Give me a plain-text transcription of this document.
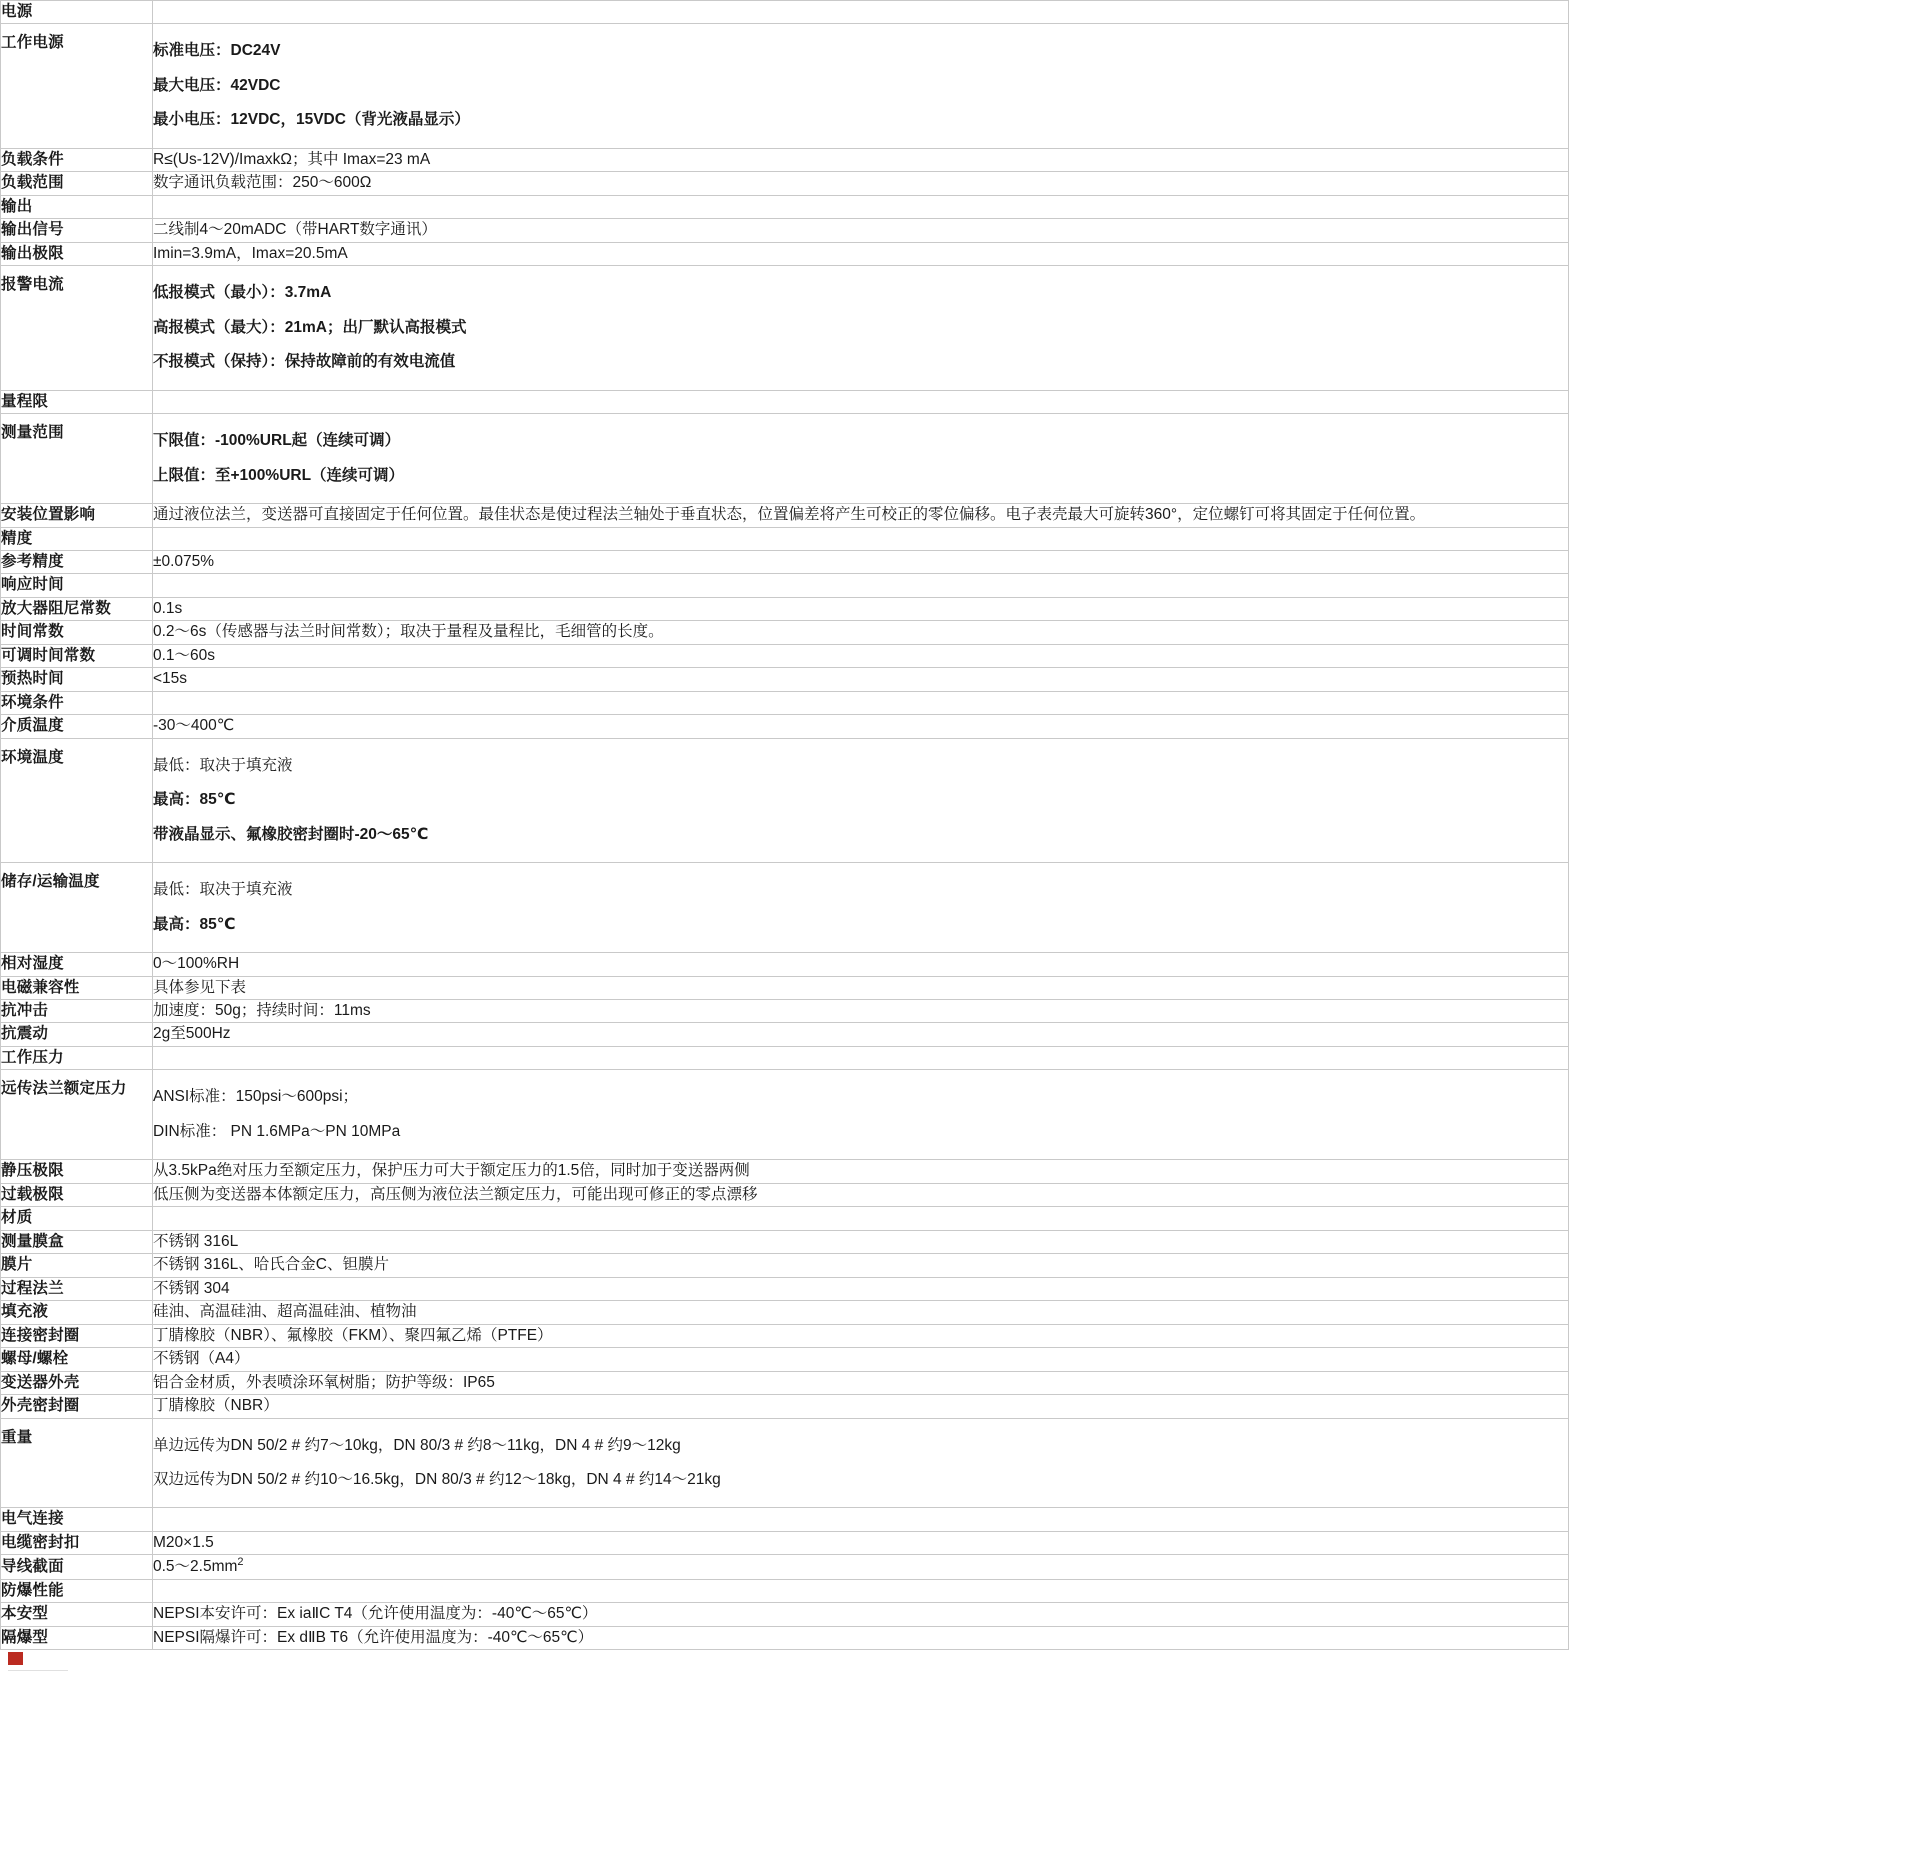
电源	
工作电源	标准电压：DC24V
最大电压：42VDC
最小电压：12VDC，15VDC（背光液晶显示）

负载条件	R≤(Us-12V)/ImaxkΩ；其中 Imax=23 mA
负载范围	数字通讯负载范围：250～600Ω
输出	
输出信号	二线制4～20mADC（带HART数字通讯）
输出极限	Imin=3.9mA，Imax=20.5mA
报警电流	低报模式（最小）：3.7mA
高报模式（最大）：21mA；出厂默认高报模式
不报模式（保持）：保持故障前的有效电流值

量程限	
测量范围	下限值：-100%URL起（连续可调）
上限值：至+100%URL（连续可调）

安装位置影响	通过液位法兰，变送器可直接固定于任何位置。最佳状态是使过程法兰轴处于垂直状态，位置偏差将产生可校正的零位偏移。电子表壳最大可旋转360°，定位螺钉可将其固定于任何位置。
精度	
参考精度	±0.075%
响应时间	
放大器阻尼常数	0.1s
时间常数	0.2～6s（传感器与法兰时间常数）；取决于量程及量程比，毛细管的长度。
可调时间常数	0.1～60s
预热时间	<15s
环境条件	
介质温度	-30～400℃
环境温度	最低：取决于填充液
最高：85℃
带液晶显示、氟橡胶密封圈时-20～65℃

储存/运输温度	最低：取决于填充液
最高：85℃

相对湿度	0～100%RH
电磁兼容性	具体参见下表
抗冲击	加速度：50g；持续时间：11ms
抗震动	2g至500Hz
工作压力	
远传法兰额定压力	ANSI标准：150psi～600psi；
DIN标准： PN 1.6MPa～PN 10MPa

静压极限	从3.5kPa绝对压力至额定压力，保护压力可大于额定压力的1.5倍，同时加于变送器两侧
过载极限	低压侧为变送器本体额定压力，高压侧为液位法兰额定压力，可能出现可修正的零点漂移
材质	
测量膜盒	不锈钢 316L
膜片	不锈钢 316L、哈氏合金C、钽膜片
过程法兰	不锈钢 304
填充液	硅油、高温硅油、超高温硅油、植物油
连接密封圈	丁腈橡胶（NBR）、氟橡胶（FKM）、聚四氟乙烯（PTFE）
螺母/螺栓	不锈钢（A4）
变送器外壳	铝合金材质，外表喷涂环氧树脂；防护等级：IP65
外壳密封圈	丁腈橡胶（NBR）
重量	单边远传为DN 50/2 # 约7～10kg，DN 80/3 # 约8～11kg，DN 4 # 约9～12kg
双边远传为DN 50/2 # 约10～16.5kg，DN 80/3 # 约12～18kg，DN 4 # 约14～21kg

电气连接	
电缆密封扣	M20×1.5
导线截面	$0.5\sim 2.5mm^2$
防爆性能	
本安型	NEPSI本安许可：Ex iaⅡC T4（允许使用温度为：-40℃～65℃）
隔爆型	NEPSI隔爆许可：Ex dⅡB T6（允许使用温度为：-40℃～65℃）
